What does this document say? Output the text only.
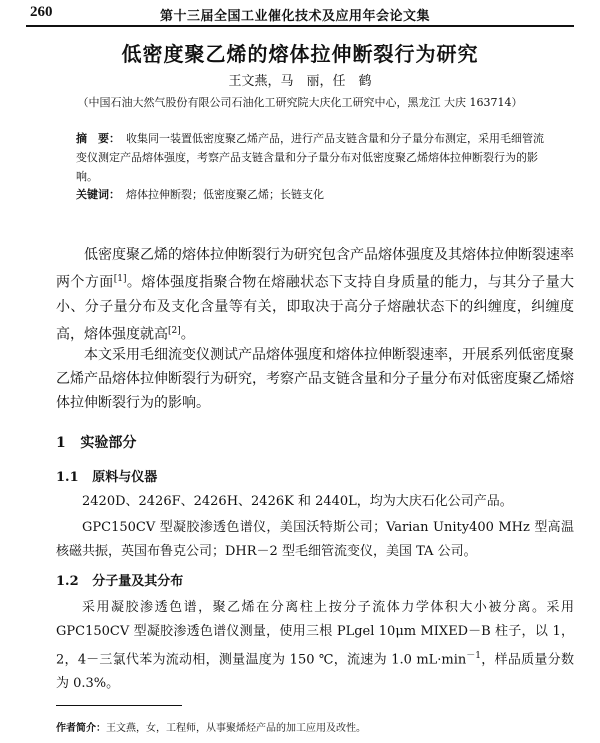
260	第十三届全国工业催化技术及应用年会论文集
低密度聚乙烯的熔体拉伸断裂行为研究
王文燕，马　丽，任　鹤
（中国石油大然气股份有限公司石油化工研究院大庆化工研究中心，黑龙江 大庆 163714）
摘　要： 收集同一装置低密度聚乙烯产品，进行产品支链含量和分子量分布测定，采用毛细管流变仪测定产品熔体强度，考察产品支链含量和分子量分布对低密度聚乙烯熔体拉伸断裂行为的影响。
关键词： 熔体拉伸断裂；低密度聚乙烯；长链支化
低密度聚乙烯的熔体拉伸断裂行为研究包含产品熔体强度及其熔体拉伸断裂速率两个方面[1]。熔体强度指聚合物在熔融状态下支持自身质量的能力，与其分子量大小、分子量分布及支化含量等有关，即取决于高分子熔融状态下的纠缠度，纠缠度高，熔体强度就高[2]。
本文采用毛细流变仪测试产品熔体强度和熔体拉伸断裂速率，开展系列低密度聚乙烯产品熔体拉伸断裂行为研究，考察产品支链含量和分子量分布对低密度聚乙烯熔体拉伸断裂行为的影响。
1 实验部分
1.1 原料与仪器
2420D、2426F、2426H、2426K 和 2440L，均为大庆石化公司产品。
GPC150CV 型凝胶渗透色谱仪，美国沃特斯公司；Varian Unity400 MHz 型高温核磁共振，英国布鲁克公司；DHR－2 型毛细管流变仪，美国 TA 公司。
1.2 分子量及其分布
采用凝胶渗透色谱，聚乙烯在分离柱上按分子流体力学体积大小被分离。采用 GPC150CV 型凝胶渗透色谱仪测量，使用三根 PLgel 10μm MIXED－B 柱子，以 1，2，4－三氯代苯为流动相，测量温度为 150 ℃，流速为 1.0 $mL\cdot\min^{-1}$，样品质量分数为 0.3%。
作者简介：王文燕，女，工程师，从事聚烯烃产品的加工应用及改性。
